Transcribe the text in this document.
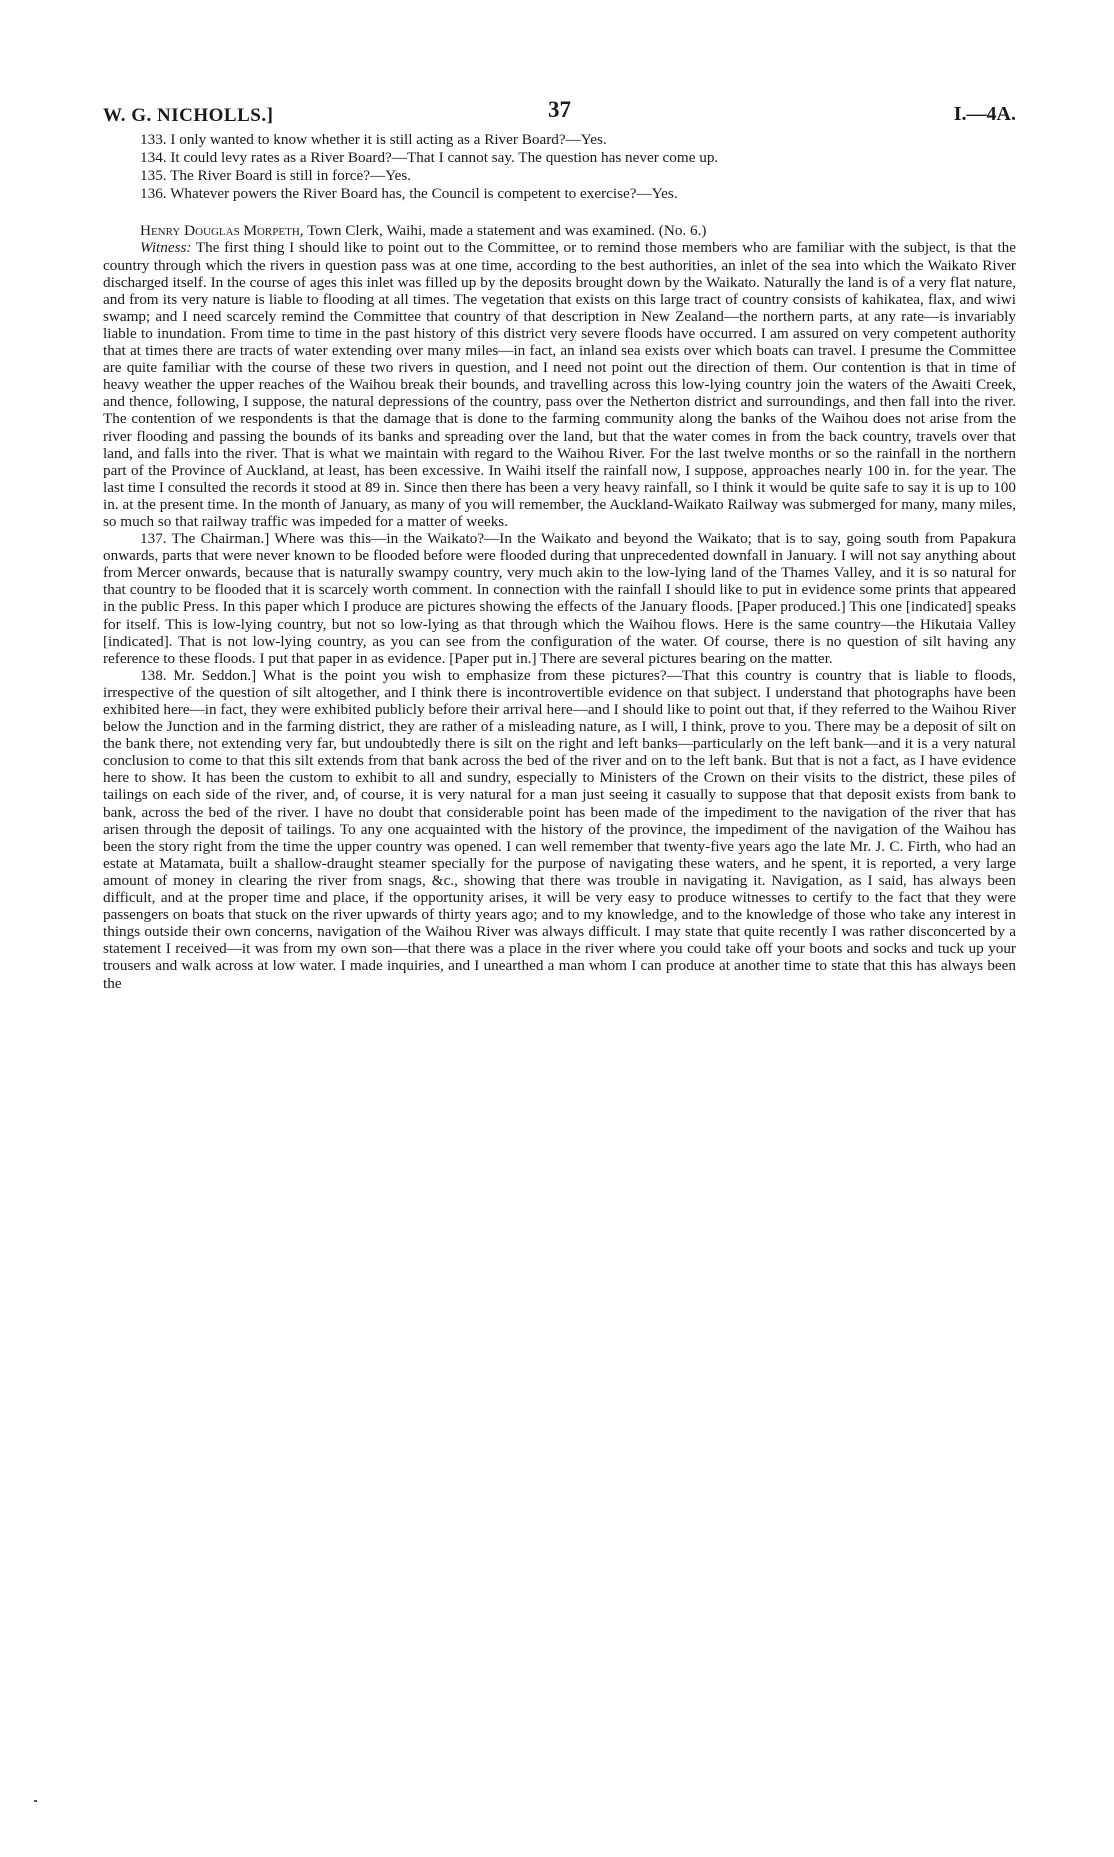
W. G. NICHOLLS.]	37	I.—4A.

133. I only wanted to know whether it is still acting as a River Board?—Yes.

134. It could levy rates as a River Board?—That I cannot say. The question has never come up.

135. The River Board is still in force?—Yes.

136. Whatever powers the River Board has, the Council is competent to exercise?—Yes.

Henry Douglas Morpeth, Town Clerk, Waihi, made a statement and was examined. (No. 6.)

Witness: The first thing I should like to point out to the Committee, or to remind those members who are familiar with the subject, is that the country through which the rivers in question pass was at one time, according to the best authorities, an inlet of the sea into which the Waikato River discharged itself. In the course of ages this inlet was filled up by the deposits brought down by the Waikato. Naturally the land is of a very flat nature, and from its very nature is liable to flooding at all times. The vegetation that exists on this large tract of country consists of kahikatea, flax, and wiwi swamp; and I need scarcely remind the Committee that country of that description in New Zealand—the northern parts, at any rate—is invariably liable to inundation. From time to time in the past history of this district very severe floods have occurred. I am assured on very competent authority that at times there are tracts of water extending over many miles—in fact, an inland sea exists over which boats can travel. I presume the Committee are quite familiar with the course of these two rivers in question, and I need not point out the direction of them. Our contention is that in time of heavy weather the upper reaches of the Waihou break their bounds, and travelling across this low-lying country join the waters of the Awaiti Creek, and thence, following, I suppose, the natural depressions of the country, pass over the Netherton district and surroundings, and then fall into the river. The contention of we respondents is that the damage that is done to the farming community along the banks of the Waihou does not arise from the river flooding and passing the bounds of its banks and spreading over the land, but that the water comes in from the back country, travels over that land, and falls into the river. That is what we maintain with regard to the Waihou River. For the last twelve months or so the rainfall in the northern part of the Province of Auckland, at least, has been excessive. In Waihi itself the rainfall now, I suppose, approaches nearly 100 in. for the year. The last time I consulted the records it stood at 89 in. Since then there has been a very heavy rainfall, so I think it would be quite safe to say it is up to 100 in. at the present time. In the month of January, as many of you will remember, the Auckland-Waikato Railway was submerged for many, many miles, so much so that railway traffic was impeded for a matter of weeks.

137. The Chairman.] Where was this—in the Waikato?—In the Waikato and beyond the Waikato; that is to say, going south from Papakura onwards, parts that were never known to be flooded before were flooded during that unprecedented downfall in January. I will not say anything about from Mercer onwards, because that is naturally swampy country, very much akin to the low-lying land of the Thames Valley, and it is so natural for that country to be flooded that it is scarcely worth comment. In connection with the rainfall I should like to put in evidence some prints that appeared in the public Press. In this paper which I produce are pictures showing the effects of the January floods. [Paper produced.] This one [indicated] speaks for itself. This is low-lying country, but not so low-lying as that through which the Waihou flows. Here is the same country—the Hikutaia Valley [indicated]. That is not low-lying country, as you can see from the configuration of the water. Of course, there is no question of silt having any reference to these floods. I put that paper in as evidence. [Paper put in.] There are several pictures bearing on the matter.

138. Mr. Seddon.] What is the point you wish to emphasize from these pictures?—That this country is country that is liable to floods, irrespective of the question of silt altogether, and I think there is incontrovertible evidence on that subject. I understand that photographs have been exhibited here—in fact, they were exhibited publicly before their arrival here—and I should like to point out that, if they referred to the Waihou River below the Junction and in the farming district, they are rather of a misleading nature, as I will, I think, prove to you. There may be a deposit of silt on the bank there, not extending very far, but undoubtedly there is silt on the right and left banks—particularly on the left bank—and it is a very natural conclusion to come to that this silt extends from that bank across the bed of the river and on to the left bank. But that is not a fact, as I have evidence here to show. It has been the custom to exhibit to all and sundry, especially to Ministers of the Crown on their visits to the district, these piles of tailings on each side of the river, and, of course, it is very natural for a man just seeing it casually to suppose that that deposit exists from bank to bank, across the bed of the river. I have no doubt that considerable point has been made of the impediment to the navigation of the river that has arisen through the deposit of tailings. To any one acquainted with the history of the province, the impediment of the navigation of the Waihou has been the story right from the time the upper country was opened. I can well remember that twenty-five years ago the late Mr. J. C. Firth, who had an estate at Matamata, built a shallow-draught steamer specially for the purpose of navigating these waters, and he spent, it is reported, a very large amount of money in clearing the river from snags, &c., showing that there was trouble in navigating it. Navigation, as I said, has always been difficult, and at the proper time and place, if the opportunity arises, it will be very easy to produce witnesses to certify to the fact that they were passengers on boats that stuck on the river upwards of thirty years ago; and to my knowledge, and to the knowledge of those who take any interest in things outside their own concerns, navigation of the Waihou River was always difficult. I may state that quite recently I was rather disconcerted by a statement I received—it was from my own son—that there was a place in the river where you could take off your boots and socks and tuck up your trousers and walk across at low water. I made inquiries, and I unearthed a man whom I can produce at another time to state that this has always been the
